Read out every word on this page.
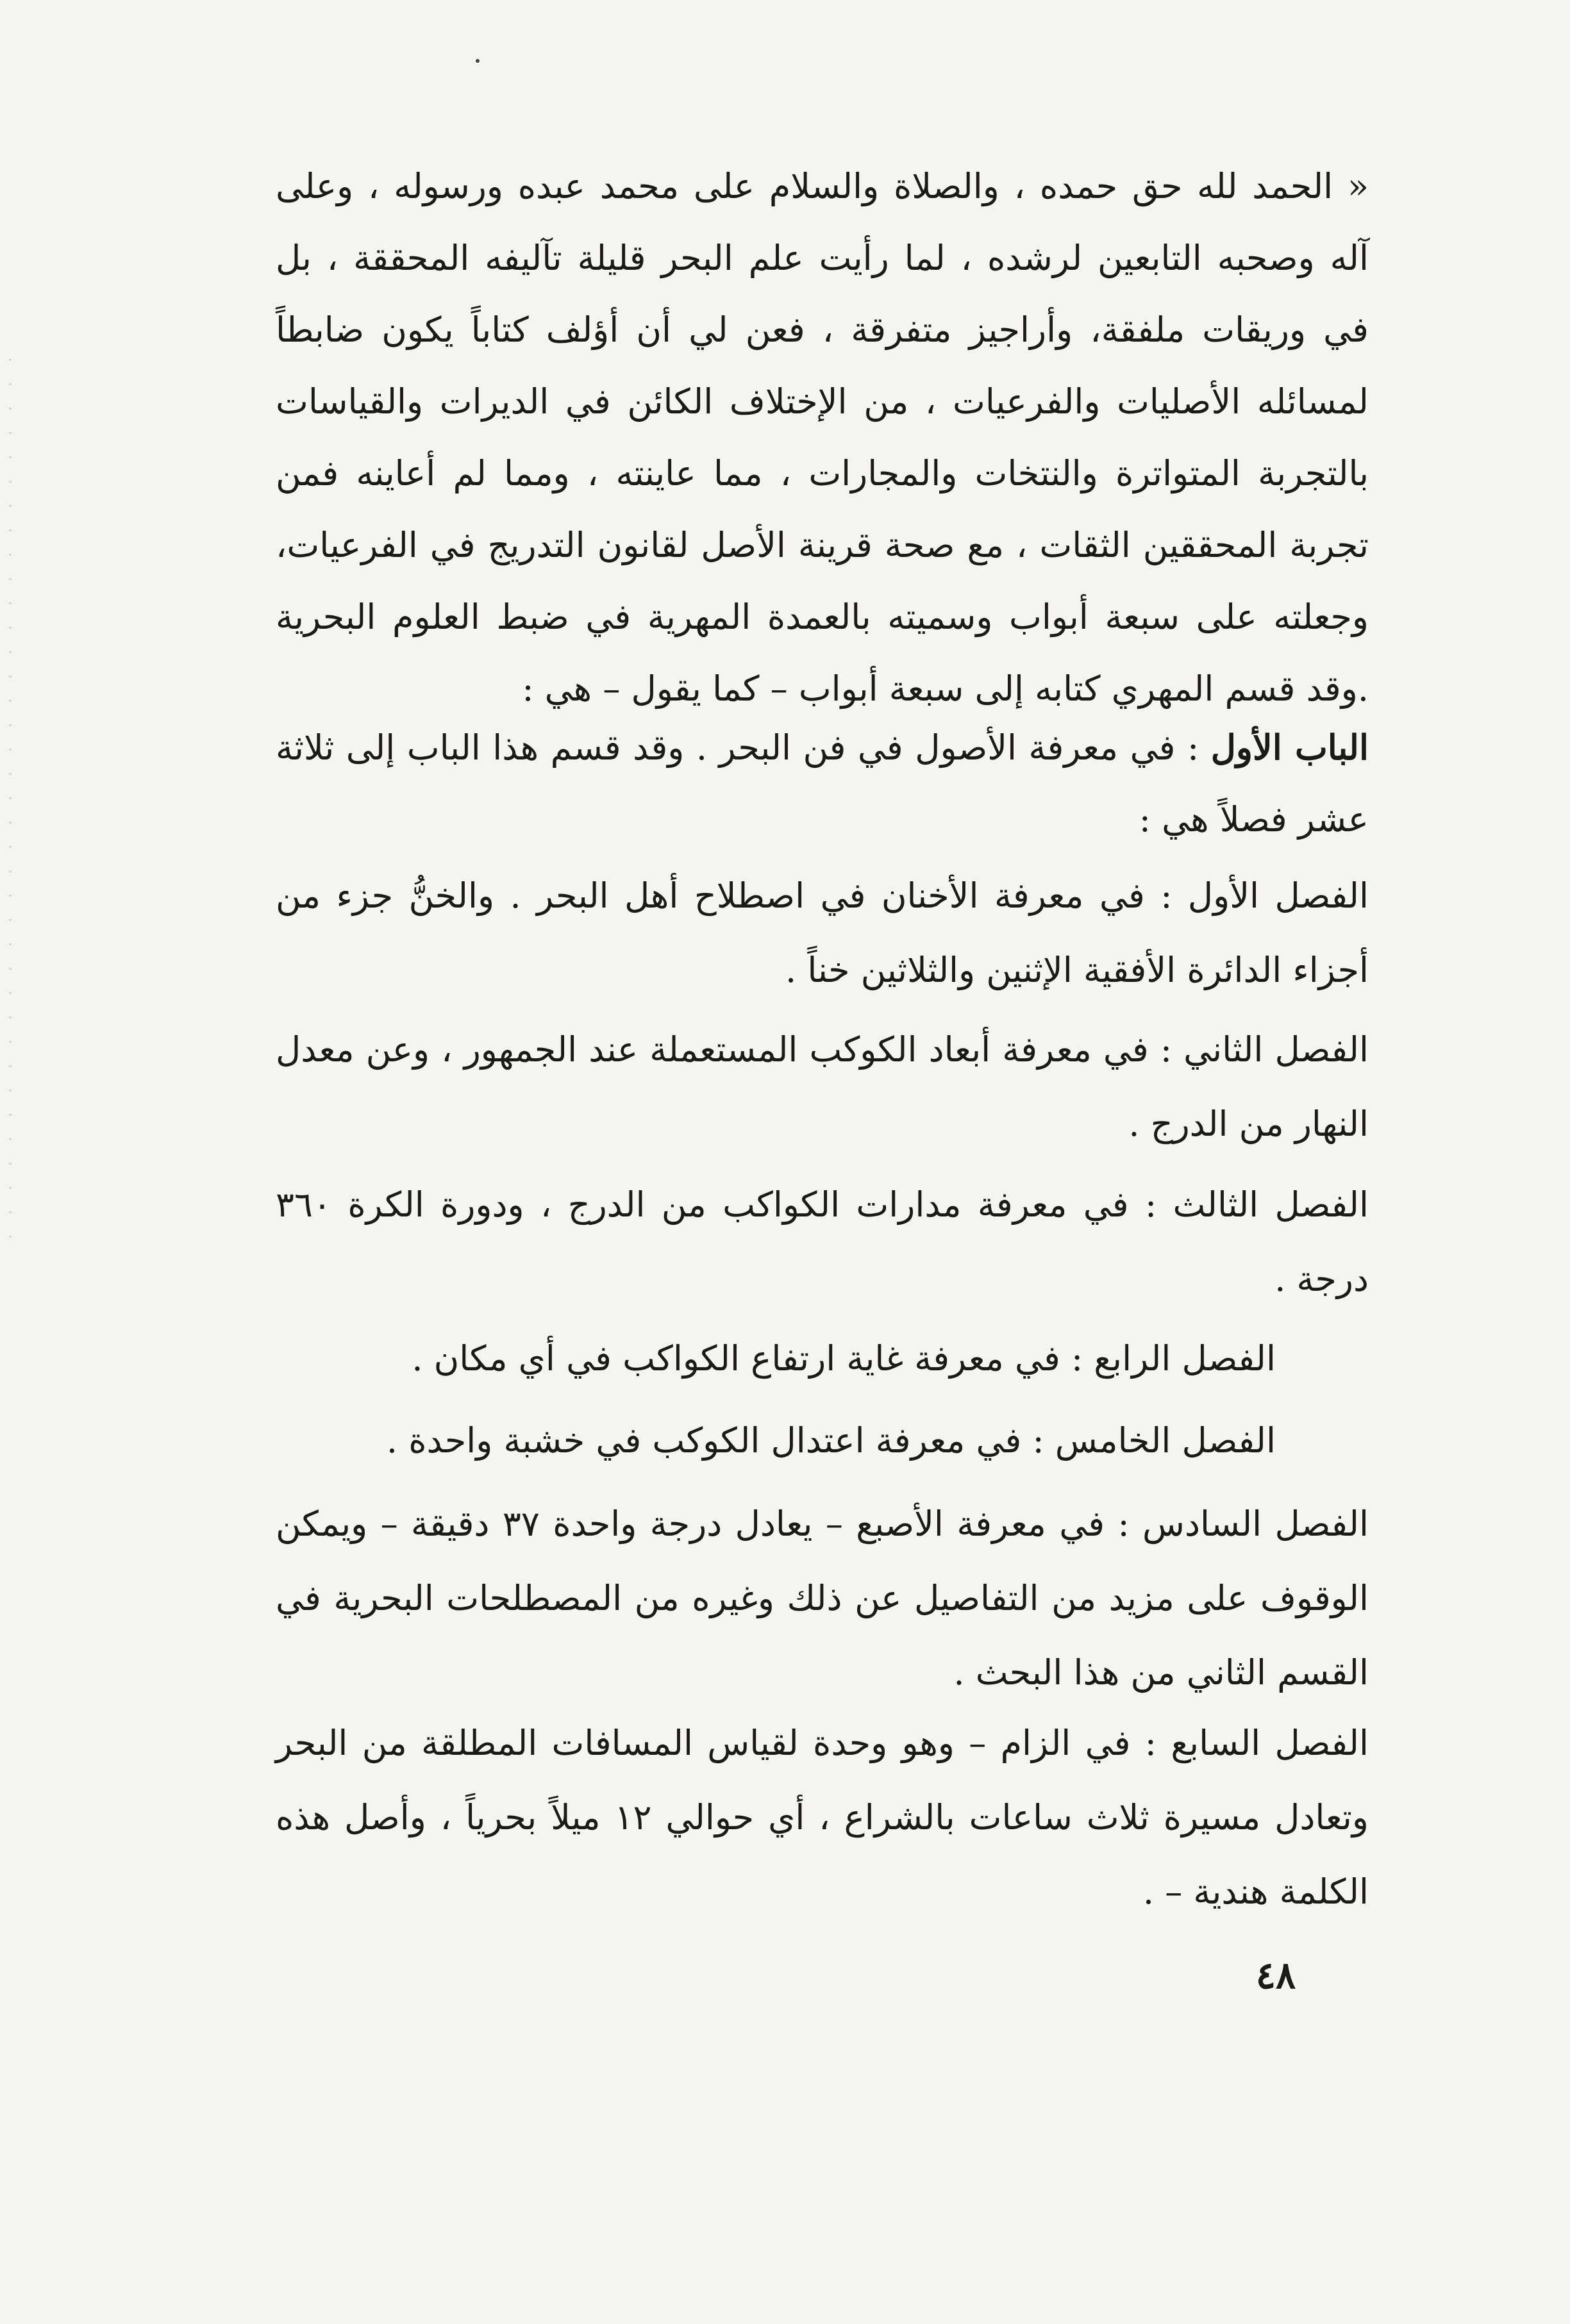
« الحمد لله حق حمده ، والصلاة والسلام على محمد عبده ورسوله ، وعلى آله وصحبه التابعين لرشده ، لما رأيت علم البحر قليلة تآليفه المحققة ، بل في وريقات ملفقة، وأراجيز متفرقة ، فعن لي أن أؤلف كتاباً يكون ضابطاً لمسائله الأصليات والفرعيات ، من الإختلاف الكائن في الديرات والقياسات بالتجربة المتواترة والنتخات والمجارات ، مما عاينته ، ومما لم أعاينه فمن تجربة المحققين الثقات ، مع صحة قرينة الأصل لقانون التدريج في الفرعيات، وجعلته على سبعة أبواب وسميته بالعمدة المهرية في ضبط العلوم البحرية .وقد قسم المهري كتابه إلى سبعة أبواب – كما يقول – هي :

الباب الأول : في معرفة الأصول في فن البحر . وقد قسم هذا الباب إلى ثلاثة عشر فصلاً هي :

الفصل الأول : في معرفة الأخنان في اصطلاح أهل البحر . والخنُّ جزء من أجزاء الدائرة الأفقية الإثنين والثلاثين خناً .

الفصل الثاني : في معرفة أبعاد الكوكب المستعملة عند الجمهور ، وعن معدل النهار من الدرج .

الفصل الثالث : في معرفة مدارات الكواكب من الدرج ، ودورة الكرة ٣٦٠ درجة .

الفصل الرابع : في معرفة غاية ارتفاع الكواكب في أي مكان .

الفصل الخامس : في معرفة اعتدال الكوكب في خشبة واحدة .

الفصل السادس : في معرفة الأصبع – يعادل درجة واحدة ٣٧ دقيقة – ويمكن الوقوف على مزيد من التفاصيل عن ذلك وغيره من المصطلحات البحرية في القسم الثاني من هذا البحث .

الفصل السابع : في الزام – وهو وحدة لقياس المسافات المطلقة من البحر وتعادل مسيرة ثلاث ساعات بالشراع ، أي حوالي ١٢ ميلاً بحرياً ، وأصل هذه الكلمة هندية – .

٤٨
